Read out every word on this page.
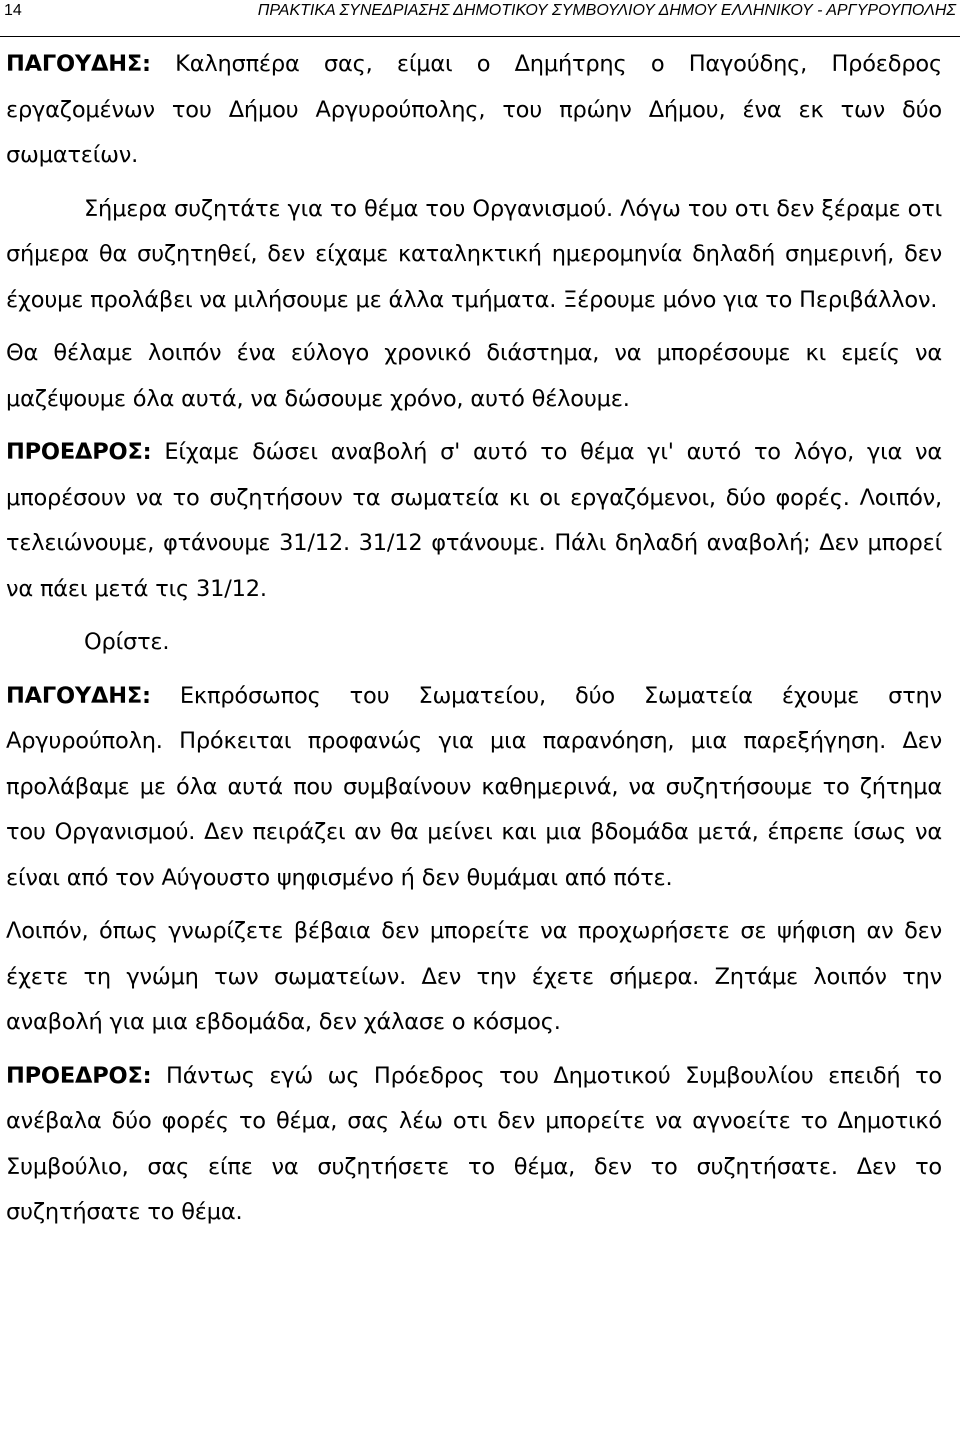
14	ΠΡΑΚΤΙΚΑ ΣΥΝΕΔΡΙΑΣΗΣ ΔΗΜΟΤΙΚΟΥ ΣΥΜΒΟΥΛΙΟΥ ΔΗΜΟΥ ΕΛΛΗΝΙΚΟΥ - ΑΡΓΥΡΟΥΠΟΛΗΣ

ΠΑΓΟΥΔΗΣ: Καλησπέρα σας, είμαι ο Δημήτρης ο Παγούδης, Πρόεδρος εργαζομένων του Δήμου Αργυρούπολης, του πρώην Δήμου, ένα εκ των δύο σωματείων.

Σήμερα συζητάτε για το θέμα του Οργανισμού. Λόγω του οτι δεν ξέραμε οτι σήμερα θα συζητηθεί, δεν είχαμε καταληκτική ημερομηνία δηλαδή σημερινή, δεν έχουμε προλάβει να μιλήσουμε με άλλα τμήματα. Ξέρουμε μόνο για το Περιβάλλον.

Θα θέλαμε λοιπόν ένα εύλογο χρονικό διάστημα, να μπορέσουμε κι εμείς να μαζέψουμε όλα αυτά, να δώσουμε χρόνο, αυτό θέλουμε.

ΠΡΟΕΔΡΟΣ: Είχαμε δώσει αναβολή σ' αυτό το θέμα γι' αυτό το λόγο, για να μπορέσουν να το συζητήσουν τα σωματεία κι οι εργαζόμενοι, δύο φορές. Λοιπόν, τελειώνουμε, φτάνουμε 31/12. 31/12 φτάνουμε. Πάλι δηλαδή αναβολή; Δεν μπορεί να πάει μετά τις 31/12.

Ορίστε.

ΠΑΓΟΥΔΗΣ: Εκπρόσωπος του Σωματείου, δύο Σωματεία έχουμε στην Αργυρούπολη. Πρόκειται προφανώς για μια παρανόηση, μια παρεξήγηση. Δεν προλάβαμε με όλα αυτά που συμβαίνουν καθημερινά, να συζητήσουμε το ζήτημα του Οργανισμού. Δεν πειράζει αν θα μείνει και μια βδομάδα μετά, έπρεπε ίσως να είναι από τον Αύγουστο ψηφισμένο ή δεν θυμάμαι από πότε.

Λοιπόν, όπως γνωρίζετε βέβαια δεν μπορείτε να προχωρήσετε σε ψήφιση αν δεν έχετε τη γνώμη των σωματείων. Δεν την έχετε σήμερα. Ζητάμε λοιπόν την αναβολή για μια εβδομάδα, δεν χάλασε ο κόσμος.

ΠΡΟΕΔΡΟΣ: Πάντως εγώ ως Πρόεδρος του Δημοτικού Συμβουλίου επειδή το ανέβαλα δύο φορές το θέμα, σας λέω οτι δεν μπορείτε να αγνοείτε το Δημοτικό Συμβούλιο, σας είπε να συζητήσετε το θέμα, δεν το συζητήσατε. Δεν το συζητήσατε το θέμα.
